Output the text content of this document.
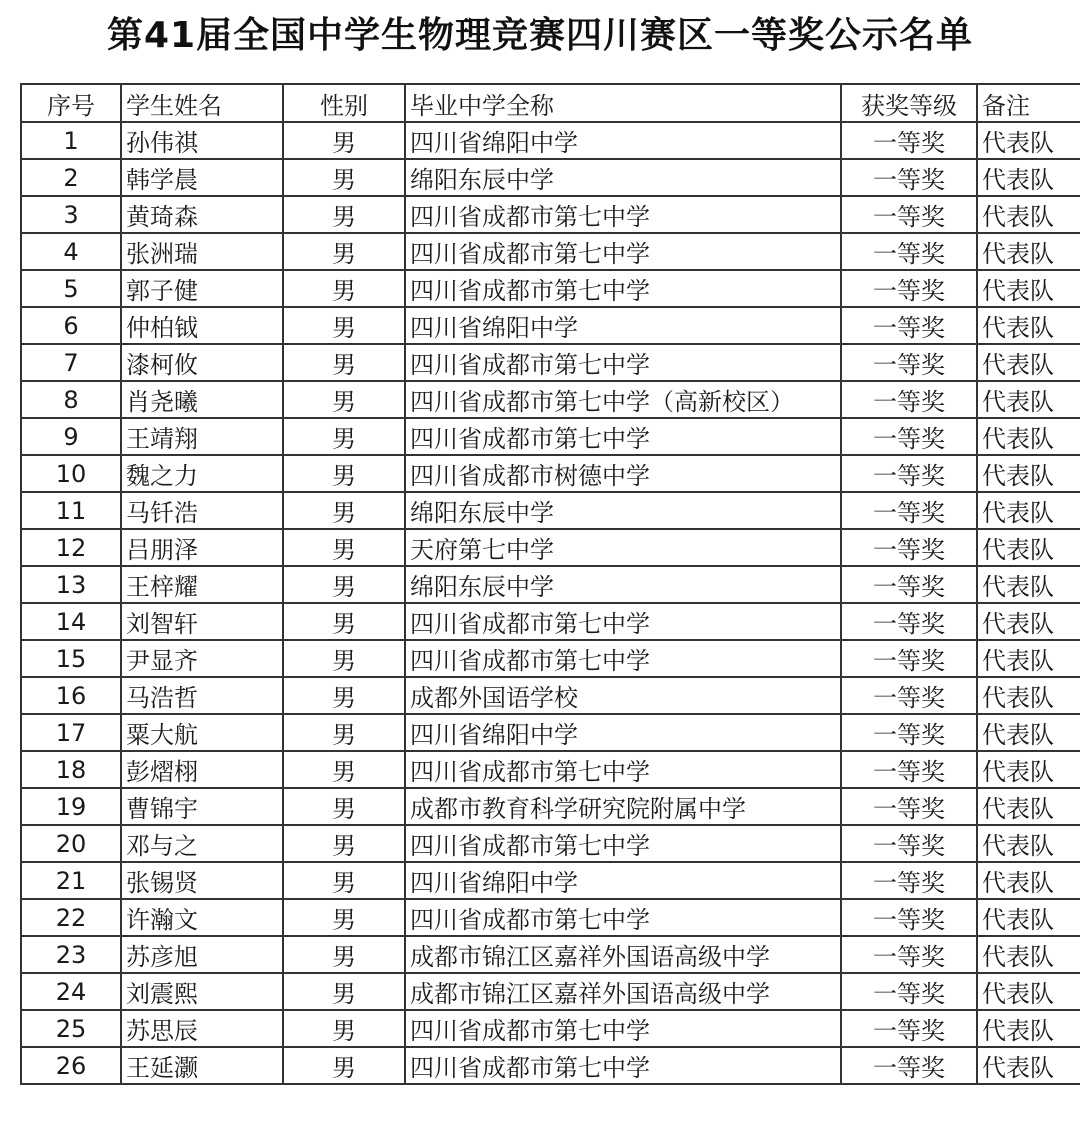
第41届全国中学生物理竞赛四川赛区一等奖公示名单
序号	学生姓名	性别	毕业中学全称	获奖等级	备注
1	孙伟祺	男	四川省绵阳中学	一等奖	代表队
2	韩学晨	男	绵阳东辰中学	一等奖	代表队
3	黄琦森	男	四川省成都市第七中学	一等奖	代表队
4	张洲瑞	男	四川省成都市第七中学	一等奖	代表队
5	郭子健	男	四川省成都市第七中学	一等奖	代表队
6	仲柏钺	男	四川省绵阳中学	一等奖	代表队
7	漆柯攸	男	四川省成都市第七中学	一等奖	代表队
8	肖尧曦	男	四川省成都市第七中学（高新校区）	一等奖	代表队
9	王靖翔	男	四川省成都市第七中学	一等奖	代表队
10	魏之力	男	四川省成都市树德中学	一等奖	代表队
11	马钎浩	男	绵阳东辰中学	一等奖	代表队
12	吕朋泽	男	天府第七中学	一等奖	代表队
13	王梓耀	男	绵阳东辰中学	一等奖	代表队
14	刘智轩	男	四川省成都市第七中学	一等奖	代表队
15	尹显齐	男	四川省成都市第七中学	一等奖	代表队
16	马浩哲	男	成都外国语学校	一等奖	代表队
17	粟大航	男	四川省绵阳中学	一等奖	代表队
18	彭熠栩	男	四川省成都市第七中学	一等奖	代表队
19	曹锦宇	男	成都市教育科学研究院附属中学	一等奖	代表队
20	邓与之	男	四川省成都市第七中学	一等奖	代表队
21	张锡贤	男	四川省绵阳中学	一等奖	代表队
22	许瀚文	男	四川省成都市第七中学	一等奖	代表队
23	苏彦旭	男	成都市锦江区嘉祥外国语高级中学	一等奖	代表队
24	刘震熙	男	成都市锦江区嘉祥外国语高级中学	一等奖	代表队
25	苏思辰	男	四川省成都市第七中学	一等奖	代表队
26	王延灏	男	四川省成都市第七中学	一等奖	代表队
